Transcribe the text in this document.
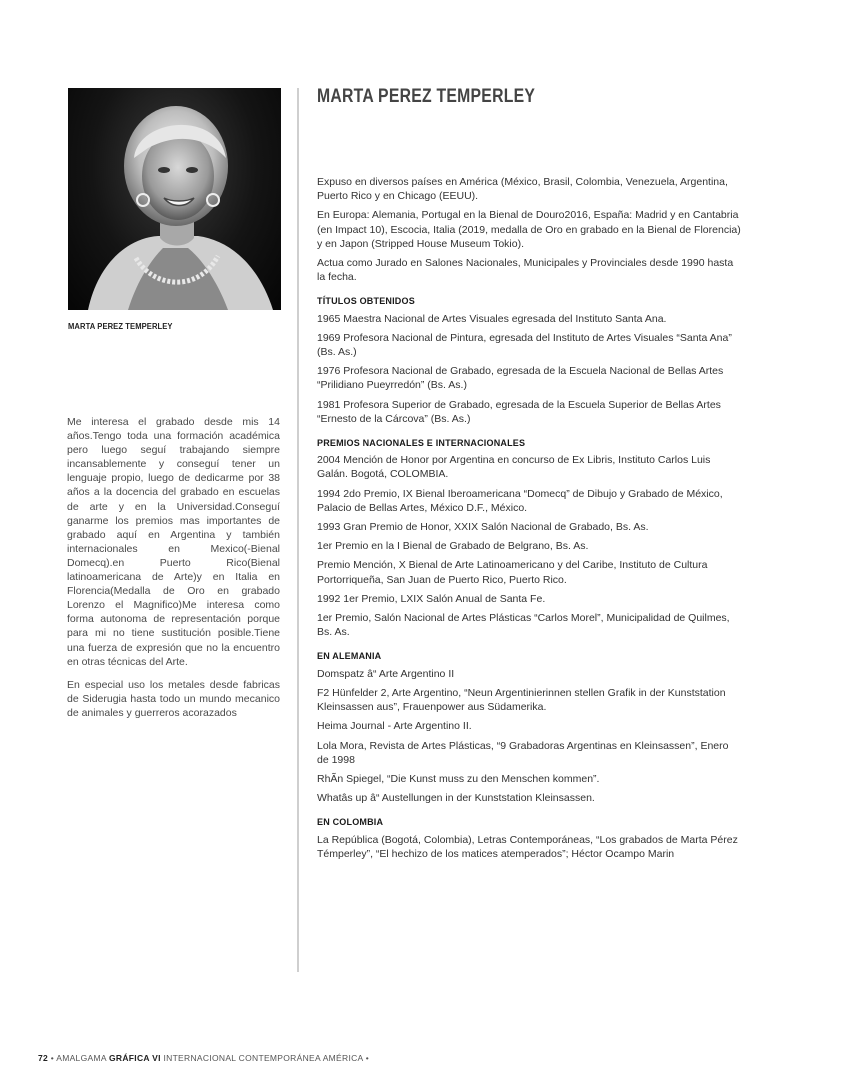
MARTA PEREZ TEMPERLEY

Me interesa el grabado desde mis 14 años.Tengo toda una formación académica pero luego seguí trabajando siempre incansablemente y conseguí tener un lenguaje propio, luego de dedicarme por 38 años a la docencia del grabado en escuelas de arte y en la Universidad.Conseguí ganarme los premios mas importantes de grabado aquí en Argentina y también internacionales en Mexico(-Bienal Domecq).en Puerto Rico(Bienal latinoamericana de Arte)y en Italia en Florencia(Medalla de Oro en grabado Lorenzo el Magnifico)Me interesa como forma autonoma de representación porque para mi no tiene sustitución posible.Tiene una fuerza de expresión que no la encuentro en otras técnicas del Arte.

En especial uso los metales desde fabricas de Siderugia hasta todo un mundo mecanico de animales y guerreros acorazados

MARTA PEREZ TEMPERLEY

Expuso en diversos países en América (México, Brasil, Colombia, Venezuela, Argentina, Puerto Rico y en Chicago (EEUU).

En Europa: Alemania, Portugal en la Bienal de Douro2016, España: Madrid y en Cantabria (en Impact 10), Escocia, Italia (2019, medalla de Oro en grabado en la Bienal de Florencia) y en Japon (Stripped House Museum Tokio).

Actua como Jurado en Salones Nacionales, Municipales y Provinciales desde 1990 hasta la fecha.

TÍTULOS OBTENIDOS

1965 Maestra Nacional de Artes Visuales egresada del Instituto Santa Ana.

1969 Profesora Nacional de Pintura, egresada del Instituto de Artes Visuales “Santa Ana” (Bs. As.)

1976 Profesora Nacional de Grabado, egresada de la Escuela Nacional de Bellas Artes “Prilidiano Pueyrredón” (Bs. As.)

1981 Profesora Superior de Grabado, egresada de la Escuela Superior de Bellas Artes “Ernesto de la Cárcova” (Bs. As.)

PREMIOS NACIONALES E INTERNACIONALES

2004 Mención de Honor por Argentina en concurso de Ex Libris, Instituto Carlos Luis Galán. Bogotá, COLOMBIA.

1994 2do Premio, IX Bienal Iberoamericana “Domecq” de Dibujo y Grabado de México, Palacio de Bellas Artes, México D.F., México.

1993 Gran Premio de Honor, XXIX Salón Nacional de Grabado, Bs. As.

1er Premio en la I Bienal de Grabado de Belgrano, Bs. As.

Premio Mención, X Bienal de Arte Latinoamericano y del Caribe, Instituto de Cultura Portorriqueña, San Juan de Puerto Rico, Puerto Rico.

1992 1er Premio, LXIX Salón Anual de Santa Fe.

1er Premio, Salón Nacional de Artes Plásticas “Carlos Morel”, Municipalidad de Quilmes, Bs. As.

EN ALEMANIA

Domspatz â“ Arte Argentino II

F2 Hünfelder 2, Arte Argentino, “Neun Argentinierinnen stellen Grafik in der Kunststation Kleinsassen aus”, Frauenpower aus Südamerika.

Heima Journal - Arte Argentino II.

Lola Mora, Revista de Artes Plásticas, “9 Grabadoras Argentinas en Kleinsassen”, Enero de 1998

RhÃn Spiegel, “Die Kunst muss zu den Menschen kommen”.

Whatâs up â“ Austellungen in der Kunststation Kleinsassen.

EN COLOMBIA

La República (Bogotá, Colombia), Letras Contemporáneas, “Los grabados de Marta Pérez Témperley”, “El hechizo de los matices atemperados”; Héctor Ocampo Marin

72 • AMALGAMA GRÁFICA VI INTERNACIONAL CONTEMPORÁNEA AMÉRICA •
